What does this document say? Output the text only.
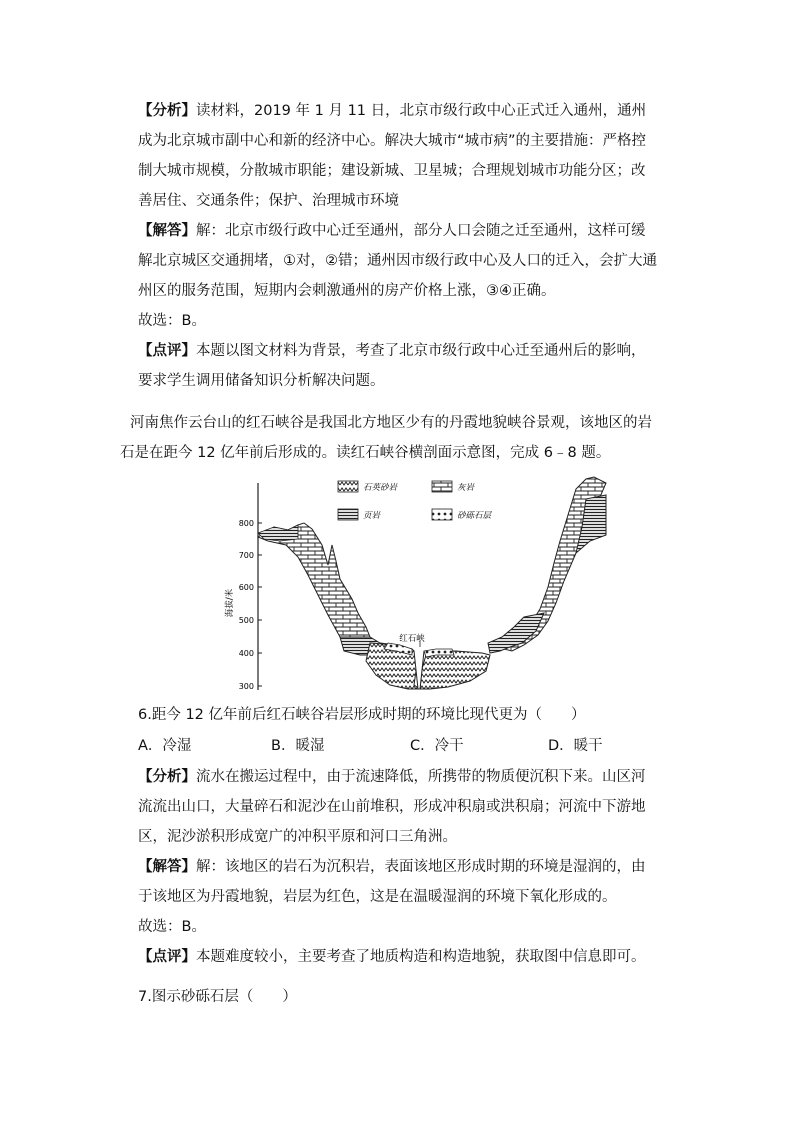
【分析】读材料，2019 年 1 月 11 日，北京市级行政中心正式迁入通州，通州成为北京城市副中心和新的经济中心。解决大城市“城市病”的主要措施：严格控制大城市规模，分散城市职能；建设新城、卫星城；合理规划城市功能分区；改善居住、交通条件；保护、治理城市环境

【解答】解：北京市级行政中心迁至通州，部分人口会随之迁至通州，这样可缓解北京城区交通拥堵，①对，②错；通州因市级行政中心及人口的迁入，会扩大通州区的服务范围，短期内会刺激通州的房产价格上涨，③④正确。

故选：B。

【点评】本题以图文材料为背景，考查了北京市级行政中心迁至通州后的影响，要求学生调用储备知识分析解决问题。

河南焦作云台山的红石峡谷是我国北方地区少有的丹霞地貌峡谷景观，该地区的岩 石是在距今 12 亿年前后形成的。读红石峡谷横剖面示意图，完成 6﹣8 题。

800
700
600
500
400
300
海拔/米
石英砂岩	灰岩
页岩	砂砾石层
红石峡

6.距今 12 亿年前后红石峡谷岩层形成时期的环境比现代更为（　　）

A．冷湿	B．暖湿	C．冷干	D．暖干

【分析】流水在搬运过程中，由于流速降低，所携带的物质便沉积下来。山区河流流出山口，大量碎石和泥沙在山前堆积，形成冲积扇或洪积扇；河流中下游地区，泥沙淤积形成宽广的冲积平原和河口三角洲。

【解答】解：该地区的岩石为沉积岩，表面该地区形成时期的环境是湿润的，由于该地区为丹霞地貌，岩层为红色，这是在温暖湿润的环境下氧化形成的。

故选：B。

【点评】本题难度较小，主要考查了地质构造和构造地貌，获取图中信息即可。

7.图示砂砾石层（　　）
